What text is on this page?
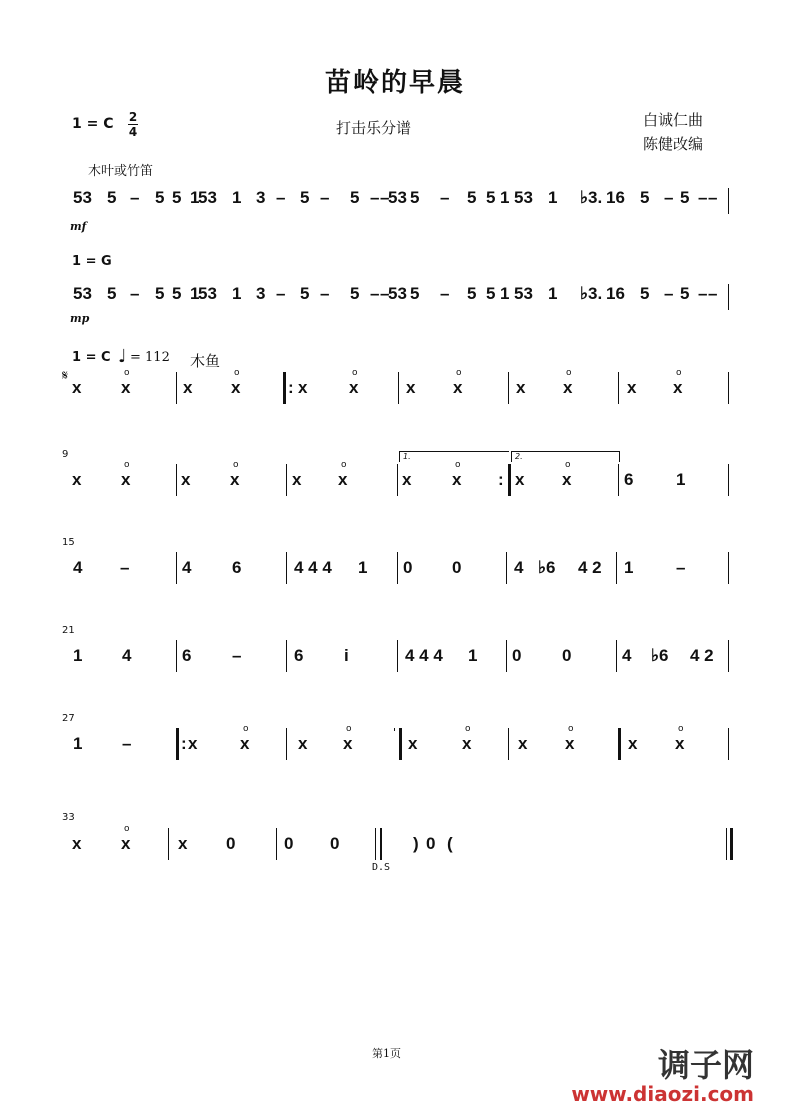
苗岭的早晨
1 = C 2
4	打击乐分谱	白诚仁曲
陈健改编
木叶或竹笛
mf
53 5 – 5 5 1
53 1 3 – 5 – 5 – –
53 5 – 5 5 1 53 1 ♭3. 16 5 – 5 – –
1 = G
mp
53 5 – 5 5 1
53 1 3 – 5 – 5 – –
53 5 – 5 5 1 53 1 ♭3. 16 5 – 5 – –
1 = C ♩ = 112 木鱼
𝄋
x x
o
x x
o
x x
o
x x
o
x x
o
x x
o
:
x x
o
x x
o
x x
o
x x
o
x x
o
:	6	1
4 –	4 6	4 4 4 1 0 0	4 ♭6 4 2 1	–
1 4	6 –	6 i	4 4 4 1 0 0	4 ♭6 4 2
1 –	x	x
o
x x
o
x	x
o
x x
o
x x
o
:
x x
o
x 0	0 0	) 0 (
9
15
21
27
33
1.	2.
D.S
第1页	调子网
www.diaozi.com
